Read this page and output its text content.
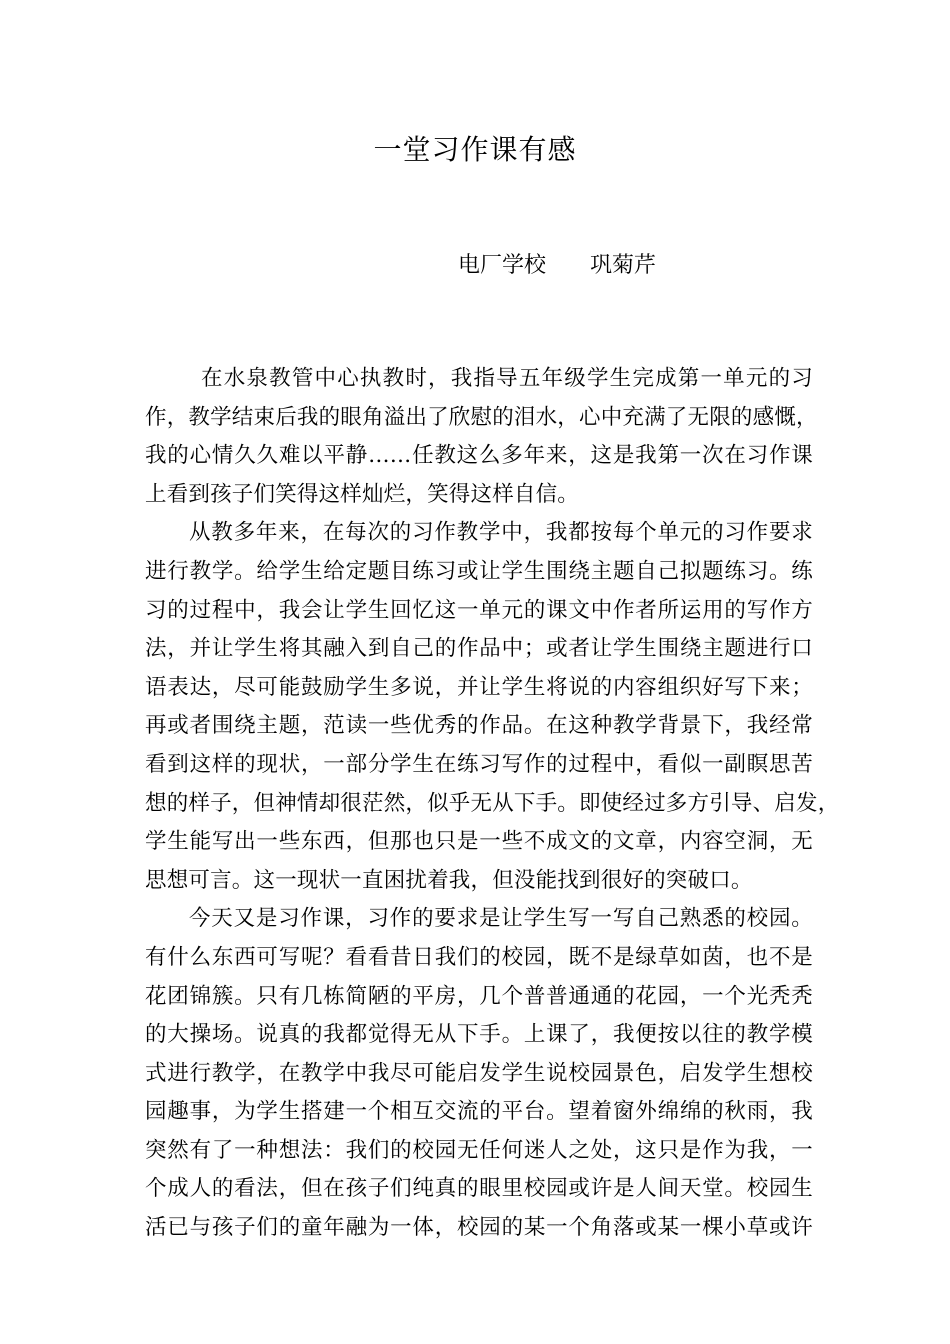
一堂习作课有感
电厂学校　　巩菊芹
在水泉教管中心执教时，我指导五年级学生完成第一单元的习
作，教学结束后我的眼角溢出了欣慰的泪水，心中充满了无限的感慨，
我的心情久久难以平静……任教这么多年来，这是我第一次在习作课
上看到孩子们笑得这样灿烂，笑得这样自信。
从教多年来，在每次的习作教学中，我都按每个单元的习作要求
进行教学。给学生给定题目练习或让学生围绕主题自己拟题练习。练
习的过程中，我会让学生回忆这一单元的课文中作者所运用的写作方
法，并让学生将其融入到自己的作品中；或者让学生围绕主题进行口
语表达，尽可能鼓励学生多说，并让学生将说的内容组织好写下来；
再或者围绕主题，范读一些优秀的作品。在这种教学背景下，我经常
看到这样的现状，一部分学生在练习写作的过程中，看似一副瞑思苦
想的样子，但神情却很茫然，似乎无从下手。即使经过多方引导、启发，
学生能写出一些东西，但那也只是一些不成文的文章，内容空洞，无
思想可言。这一现状一直困扰着我，但没能找到很好的突破口。
今天又是习作课，习作的要求是让学生写一写自己熟悉的校园。
有什么东西可写呢？看看昔日我们的校园，既不是绿草如茵，也不是
花团锦簇。只有几栋简陋的平房，几个普普通通的花园，一个光秃秃
的大操场。说真的我都觉得无从下手。上课了，我便按以往的教学模
式进行教学，在教学中我尽可能启发学生说校园景色，启发学生想校
园趣事，为学生搭建一个相互交流的平台。望着窗外绵绵的秋雨，我
突然有了一种想法：我们的校园无任何迷人之处，这只是作为我，一
个成人的看法，但在孩子们纯真的眼里校园或许是人间天堂。校园生
活已与孩子们的童年融为一体，校园的某一个角落或某一棵小草或许
